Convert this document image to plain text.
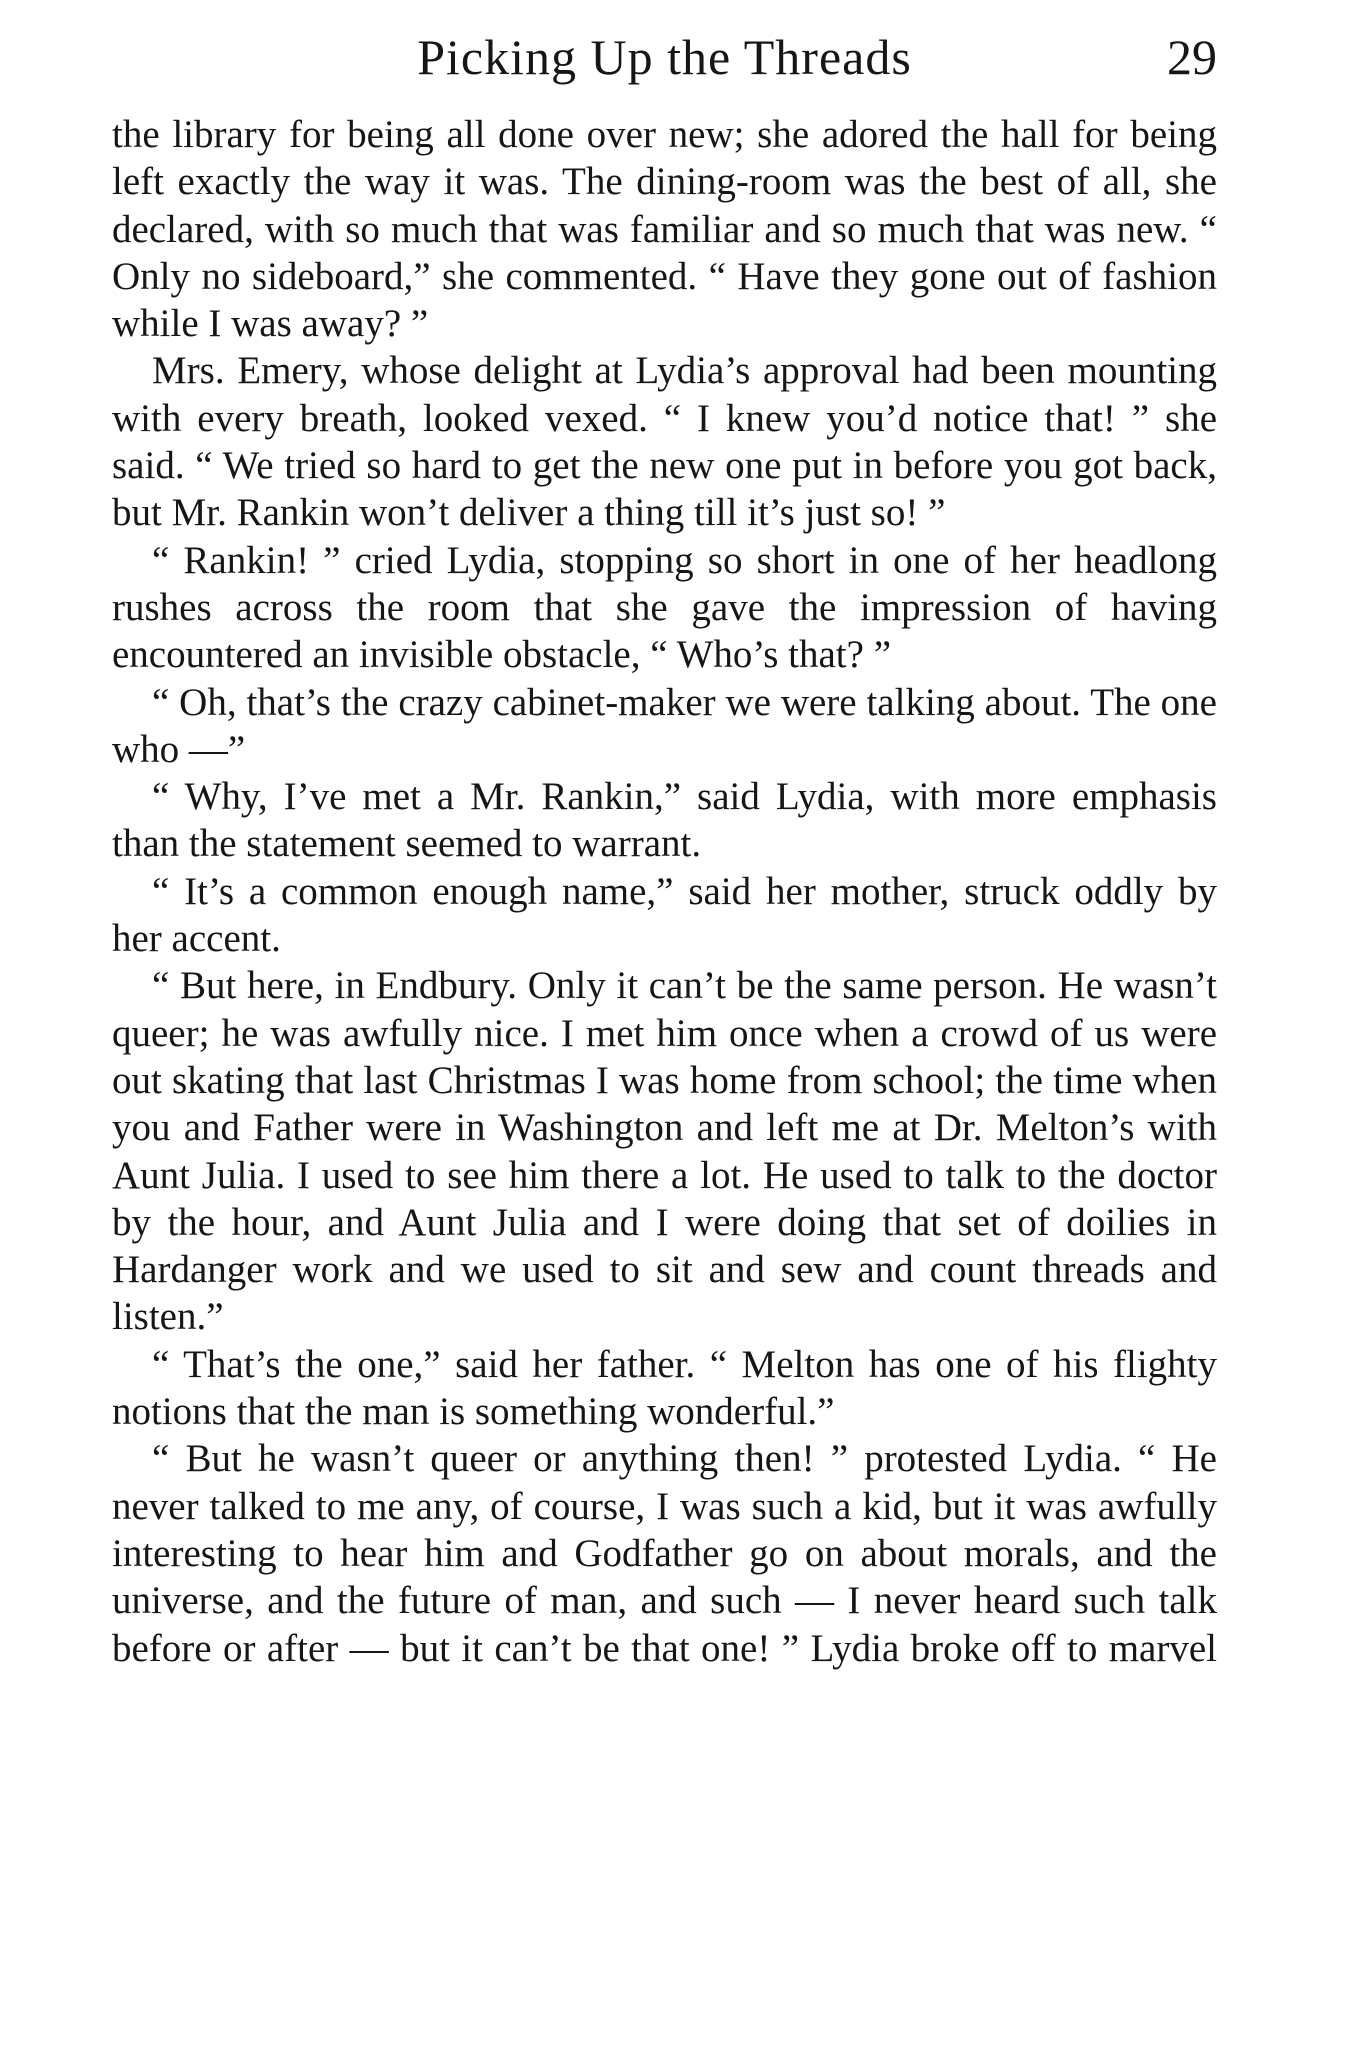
Picking Up the Threads	29

the library for being all done over new; she adored the hall for being left exactly the way it was. The dining-room was the best of all, she declared, with so much that was familiar and so much that was new. “ Only no sideboard,” she commented. “ Have they gone out of fashion while I was away? ”

Mrs. Emery, whose delight at Lydia’s approval had been mounting with every breath, looked vexed. “ I knew you’d notice that! ” she said. “ We tried so hard to get the new one put in before you got back, but Mr. Rankin won’t deliver a thing till it’s just so! ”

“ Rankin! ” cried Lydia, stopping so short in one of her headlong rushes across the room that she gave the impression of having encountered an invisible obstacle, “ Who’s that? ”

“ Oh, that’s the crazy cabinet-maker we were talking about. The one who —”

“ Why, I’ve met a Mr. Rankin,” said Lydia, with more emphasis than the statement seemed to warrant.

“ It’s a common enough name,” said her mother, struck oddly by her accent.

“ But here, in Endbury. Only it can’t be the same person. He wasn’t queer; he was awfully nice. I met him once when a crowd of us were out skating that last Christmas I was home from school; the time when you and Father were in Washington and left me at Dr. Melton’s with Aunt Julia. I used to see him there a lot. He used to talk to the doctor by the hour, and Aunt Julia and I were doing that set of doilies in Hardanger work and we used to sit and sew and count threads and listen.”

“ That’s the one,” said her father. “ Melton has one of his flighty notions that the man is something wonderful.”

“ But he wasn’t queer or anything then! ” protested Lydia. “ He never talked to me any, of course, I was such a kid, but it was awfully interesting to hear him and Godfather go on about morals, and the universe, and the future of man, and such — I never heard such talk before or after — but it can’t be that one! ” Lydia broke off to marvel
